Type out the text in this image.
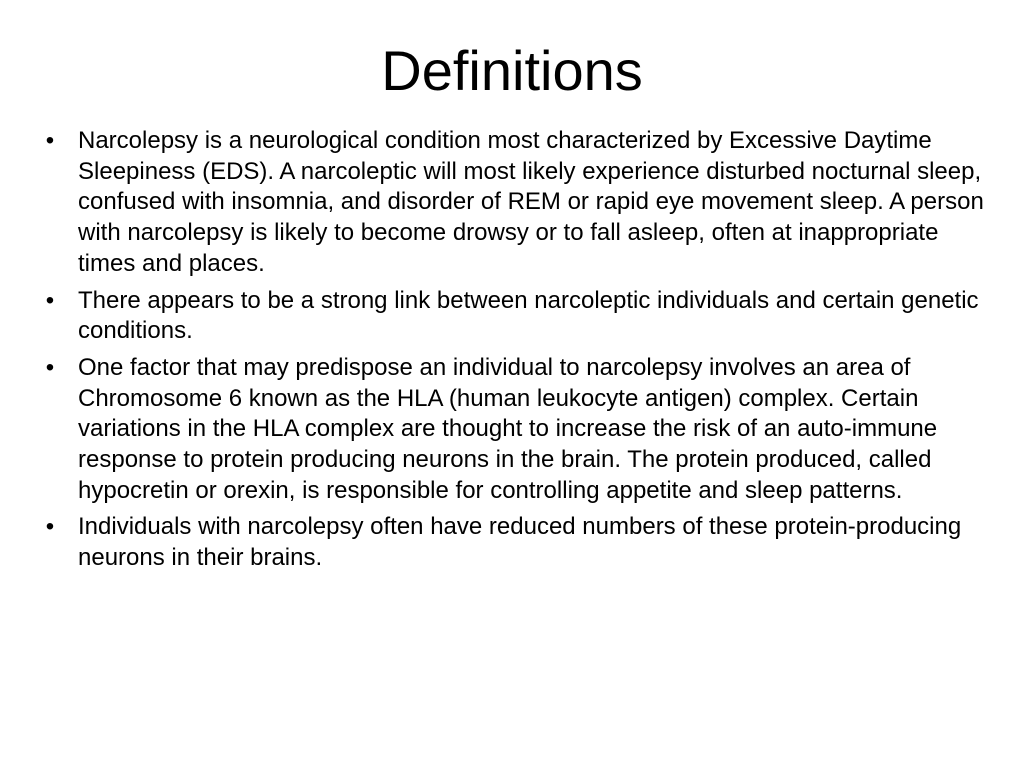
Definitions
• Narcolepsy is a neurological condition most characterized by Excessive Daytime Sleepiness (EDS). A narcoleptic will most likely experience disturbed nocturnal sleep, confused with insomnia, and disorder of REM or rapid eye movement sleep. A person with narcolepsy is likely to become drowsy or to fall asleep, often at inappropriate times and places.
• There appears to be a strong link between narcoleptic individuals and certain genetic conditions.
• One factor that may predispose an individual to narcolepsy involves an area of Chromosome 6 known as the HLA (human leukocyte antigen) complex. Certain variations in the HLA complex are thought to increase the risk of an auto-immune response to protein producing neurons in the brain. The protein produced, called hypocretin or orexin, is responsible for controlling appetite and sleep patterns.
• Individuals with narcolepsy often have reduced numbers of these protein-producing neurons in their brains.
